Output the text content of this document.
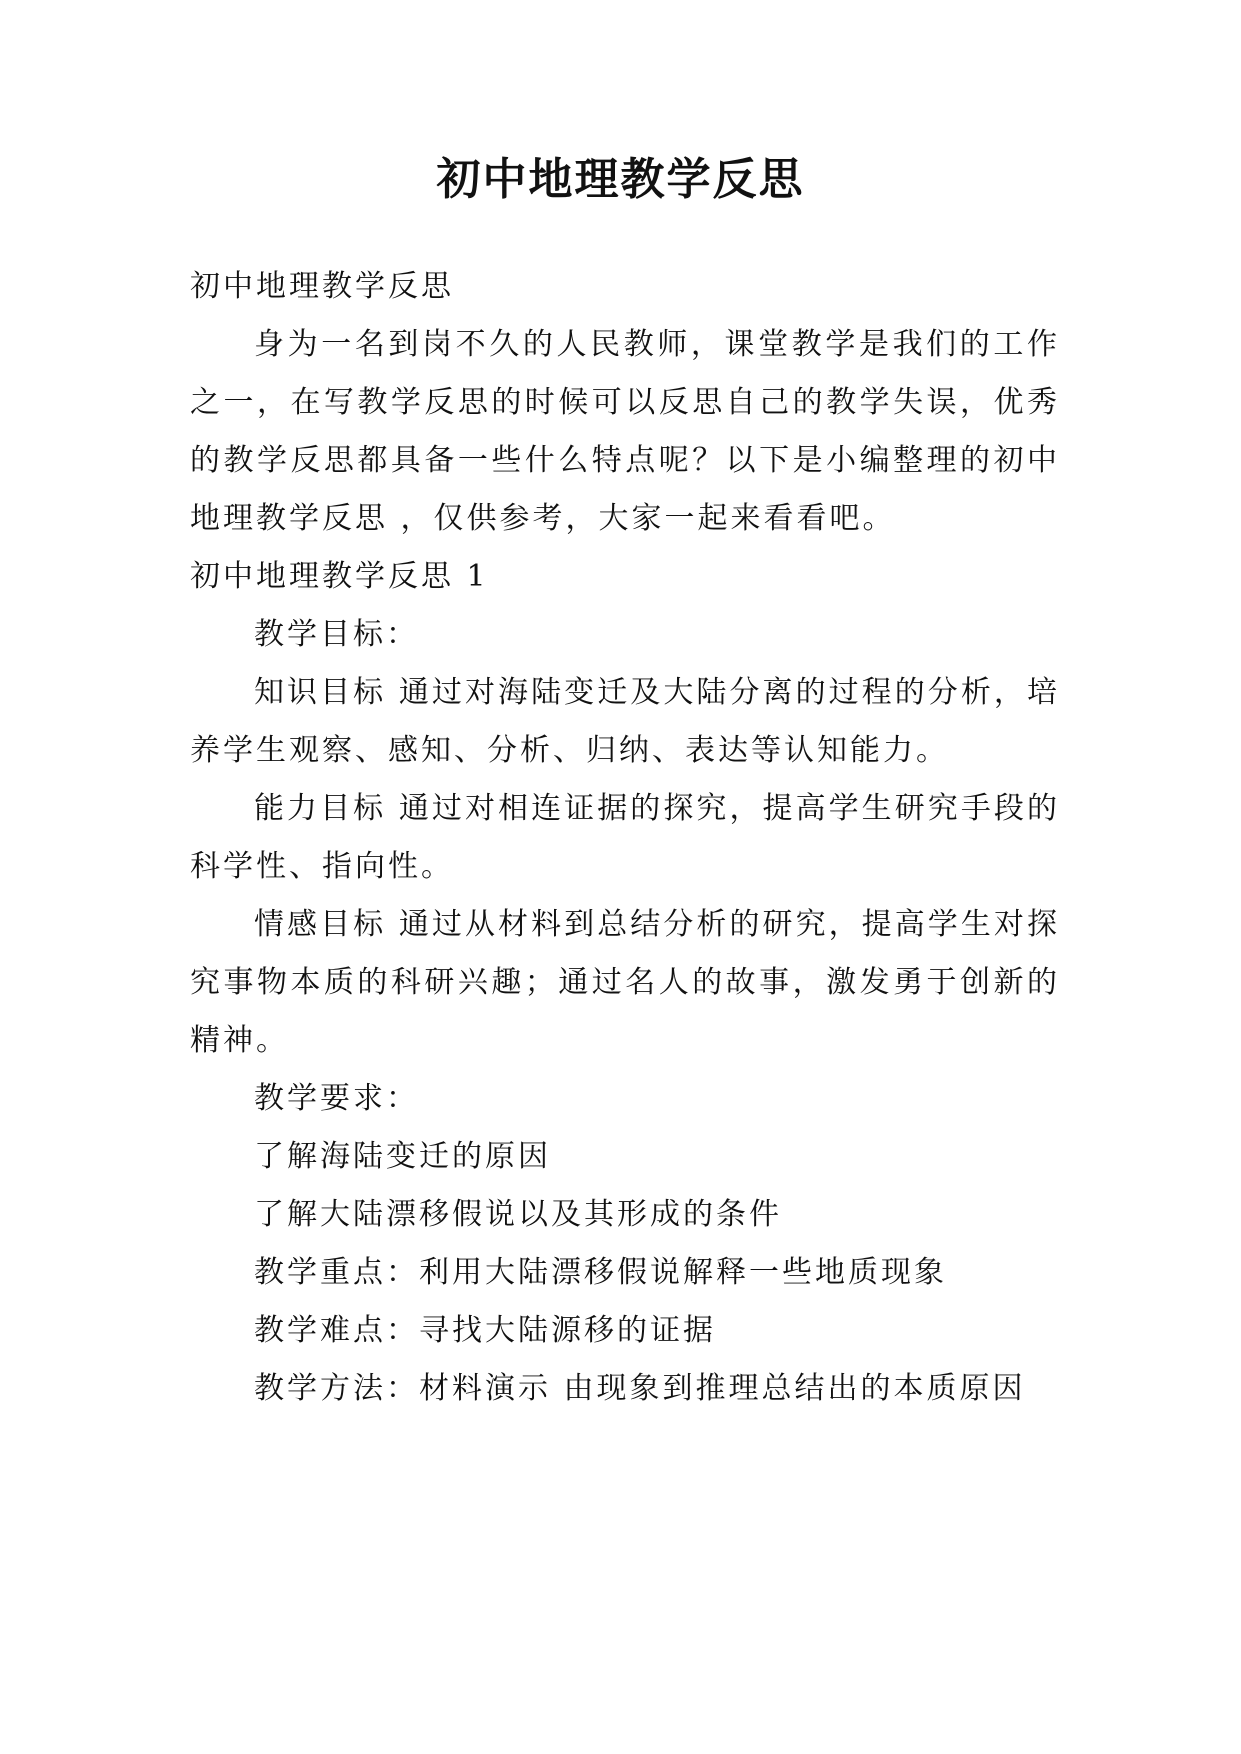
初中地理教学反思

初中地理教学反思

身为一名到岗不久的人民教师，课堂教学是我们的工作之一，在写教学反思的时候可以反思自己的教学失误，优秀的教学反思都具备一些什么特点呢？以下是小编整理的初中地理教学反思 ，仅供参考，大家一起来看看吧。

初中地理教学反思 1

教学目标：

知识目标 通过对海陆变迁及大陆分离的过程的分析，培养学生观察、感知、分析、归纳、表达等认知能力。

能力目标 通过对相连证据的探究，提高学生研究手段的科学性、指向性。

情感目标 通过从材料到总结分析的研究，提高学生对探究事物本质的科研兴趣；通过名人的故事，激发勇于创新的精神。

教学要求：

了解海陆变迁的原因

了解大陆漂移假说以及其形成的条件

教学重点：利用大陆漂移假说解释一些地质现象

教学难点：寻找大陆源移的证据

教学方法：材料演示 由现象到推理总结出的本质原因
